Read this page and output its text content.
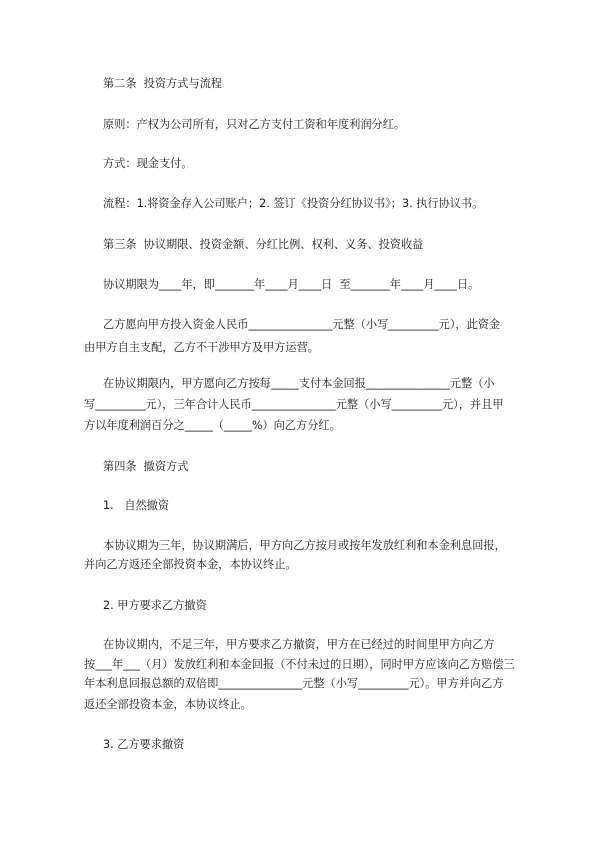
第二条  投资方式与流程
原则：产权为公司所有，只对乙方支付工资和年度利润分红。
方式：现金支付。
流程：1.将资金存入公司账户；2. 签订《投资分红协议书》；3. 执行协议书。
第三条  协议期限、投资金额、分红比例、权利、义务、投资收益
协议期限为____年，即_______年____月____日  至_______年____月____日。
乙方愿向甲方投入资金人民币_______________元整（小写_________元），此资金
由甲方自主支配，乙方不干涉甲方及甲方运营。
在协议期限内，甲方愿向乙方按每_____支付本金回报_______________元整（小
写_________元），三年合计人民币_______________元整（小写_________元），并且甲
方以年度利润百分之_____（_____%）向乙方分红。
第四条  撤资方式
1.   自然撤资
本协议期为三年，协议期满后，甲方向乙方按月或按年发放红利和本金利息回报，
并向乙方返还全部投资本金，本协议终止。
2. 甲方要求乙方撤资
在协议期内，不足三年，甲方要求乙方撤资，甲方在已经过的时间里甲方向乙方
按___年___（月）发放红利和本金回报（不付未过的日期），同时甲方应该向乙方赔偿三
年本利息回报总额的双倍即_______________元整（小写_________元）。甲方并向乙方
返还全部投资本金，本协议终止。
3. 乙方要求撤资
